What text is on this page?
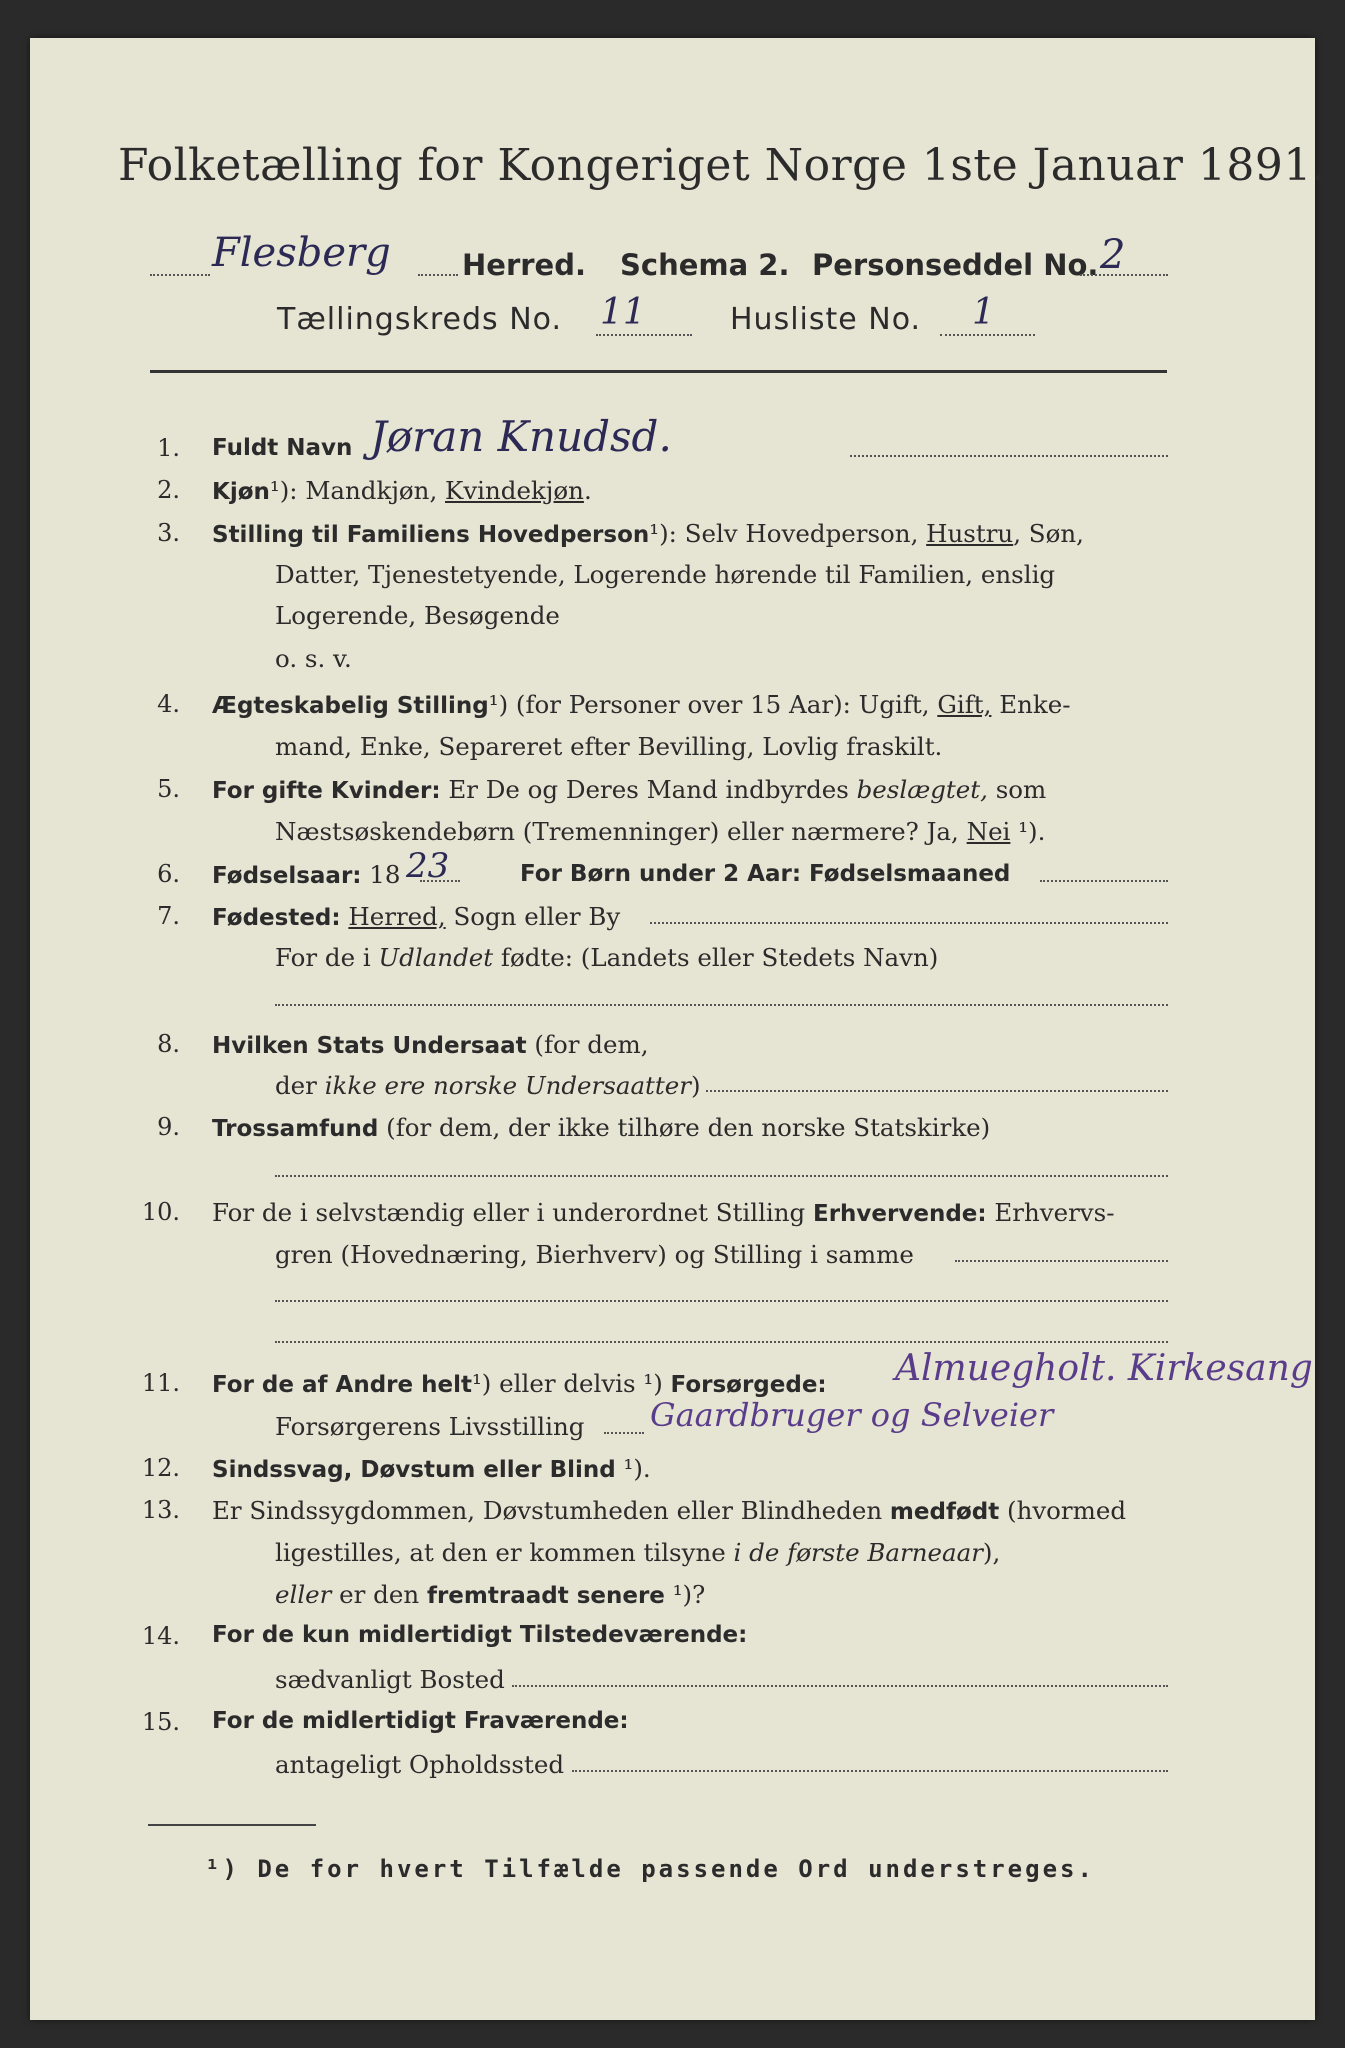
Folketælling for Kongeriget Norge 1ste Januar 1891.
Flesberg Herred. Schema 2. Personseddel No. 2
Tællingskreds No. 11	Husliste No. 1
1. Fuldt Navn Jøran Knudsd.
2. Kjøn¹): Mandkjøn, Kvindekjøn.
3. Stilling til Familiens Hovedperson¹): Selv Hovedperson, Hustru, Søn,
Datter, Tjenestetyende, Logerende hørende til Familien, enslig
Logerende, Besøgende
o. s. v.
4. Ægteskabelig Stilling¹) (for Personer over 15 Aar): Ugift, Gift, Enke-
mand, Enke, Separeret efter Bevilling, Lovlig fraskilt.
5. For gifte Kvinder: Er De og Deres Mand indbyrdes beslægtet, som
Næstsøskendebørn (Tremenninger) eller nærmere? Ja, Nei ¹).
6. Fødselsaar: 18 23	For Børn under 2 Aar: Fødselsmaaned
7. Fødested: Herred, Sogn eller By
For de i Udlandet fødte: (Landets eller Stedets Navn)
8. Hvilken Stats Undersaat (for dem,
der ikke ere norske Undersaatter)
9. Trossamfund (for dem, der ikke tilhøre den norske Statskirke)
10. For de i selvstændig eller i underordnet Stilling Erhvervende: Erhvervs-
gren (Hovednæring, Bierhverv) og Stilling i samme
11. For de af Andre helt¹) eller delvis ¹) Forsørgede: Almuegholt. Kirkesang
Forsørgerens Livsstilling Gaardbruger og Selveier
12. Sindssvag, Døvstum eller Blind ¹).
13. Er Sindssygdommen, Døvstumheden eller Blindheden medfødt (hvormed
ligestilles, at den er kommen tilsyne i de første Barneaar),
eller er den fremtraadt senere ¹)?
14. For de kun midlertidigt Tilstedeværende:
sædvanligt Bosted
15. For de midlertidigt Fraværende:
antageligt Opholdssted
¹) De for hvert Tilfælde passende Ord understreges.
